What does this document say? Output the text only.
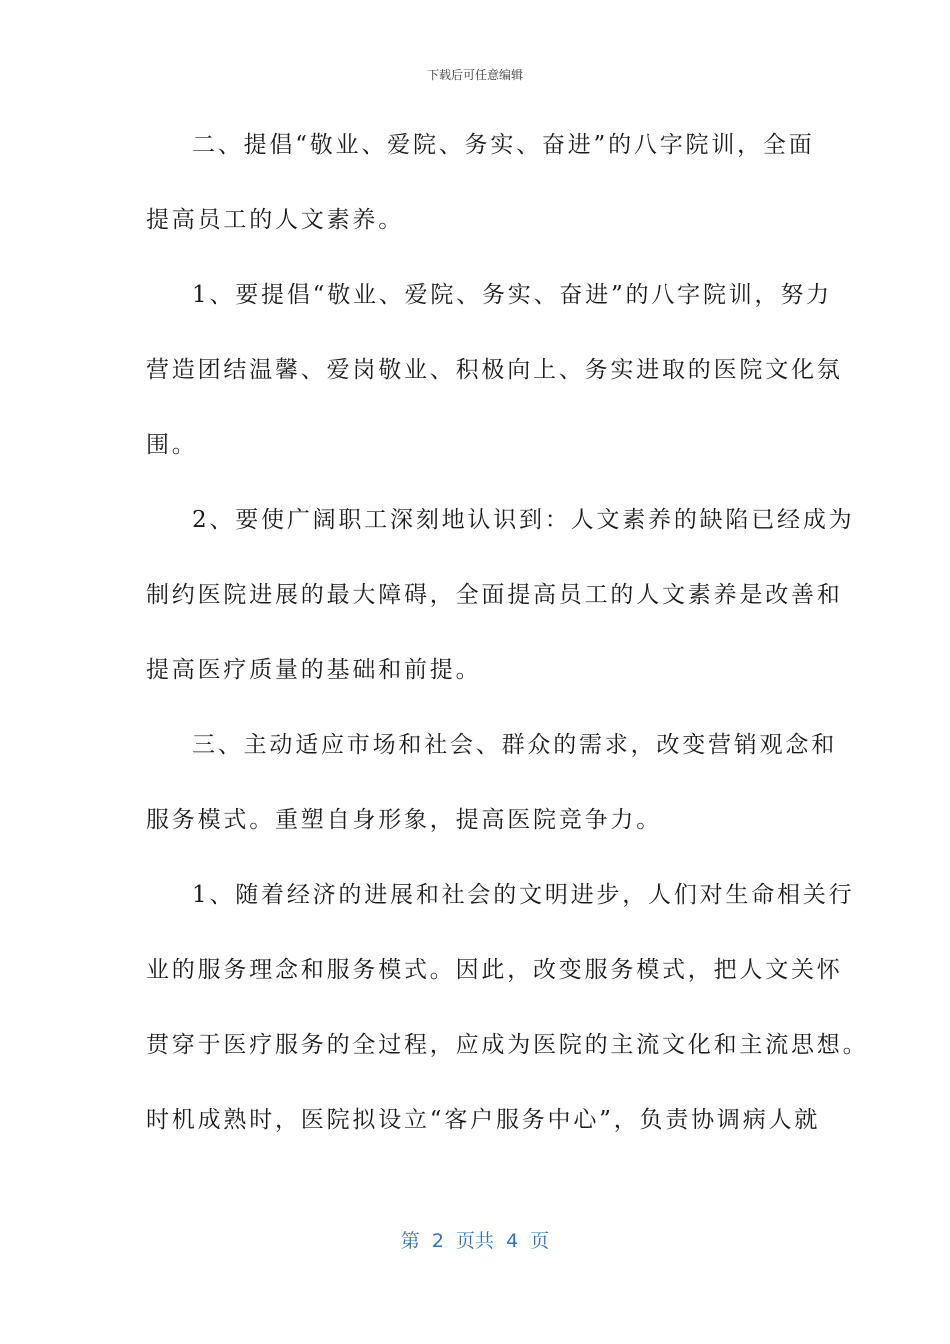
下载后可任意编辑
二、提倡“敬业、爱院、务实、奋进”的八字院训，全面
提高员工的人文素养。
1、要提倡“敬业、爱院、务实、奋进”的八字院训，努力
营造团结温馨、爱岗敬业、积极向上、务实进取的医院文化氛
围。
2、要使广阔职工深刻地认识到：人文素养的缺陷已经成为
制约医院进展的最大障碍，全面提高员工的人文素养是改善和
提高医疗质量的基础和前提。
三、主动适应市场和社会、群众的需求，改变营销观念和
服务模式。重塑自身形象，提高医院竞争力。
1、随着经济的进展和社会的文明进步，人们对生命相关行
业的服务理念和服务模式。因此，改变服务模式，把人文关怀
贯穿于医疗服务的全过程，应成为医院的主流文化和主流思想。
时机成熟时，医院拟设立“客户服务中心”，负责协调病人就
第  2  页共  4  页
